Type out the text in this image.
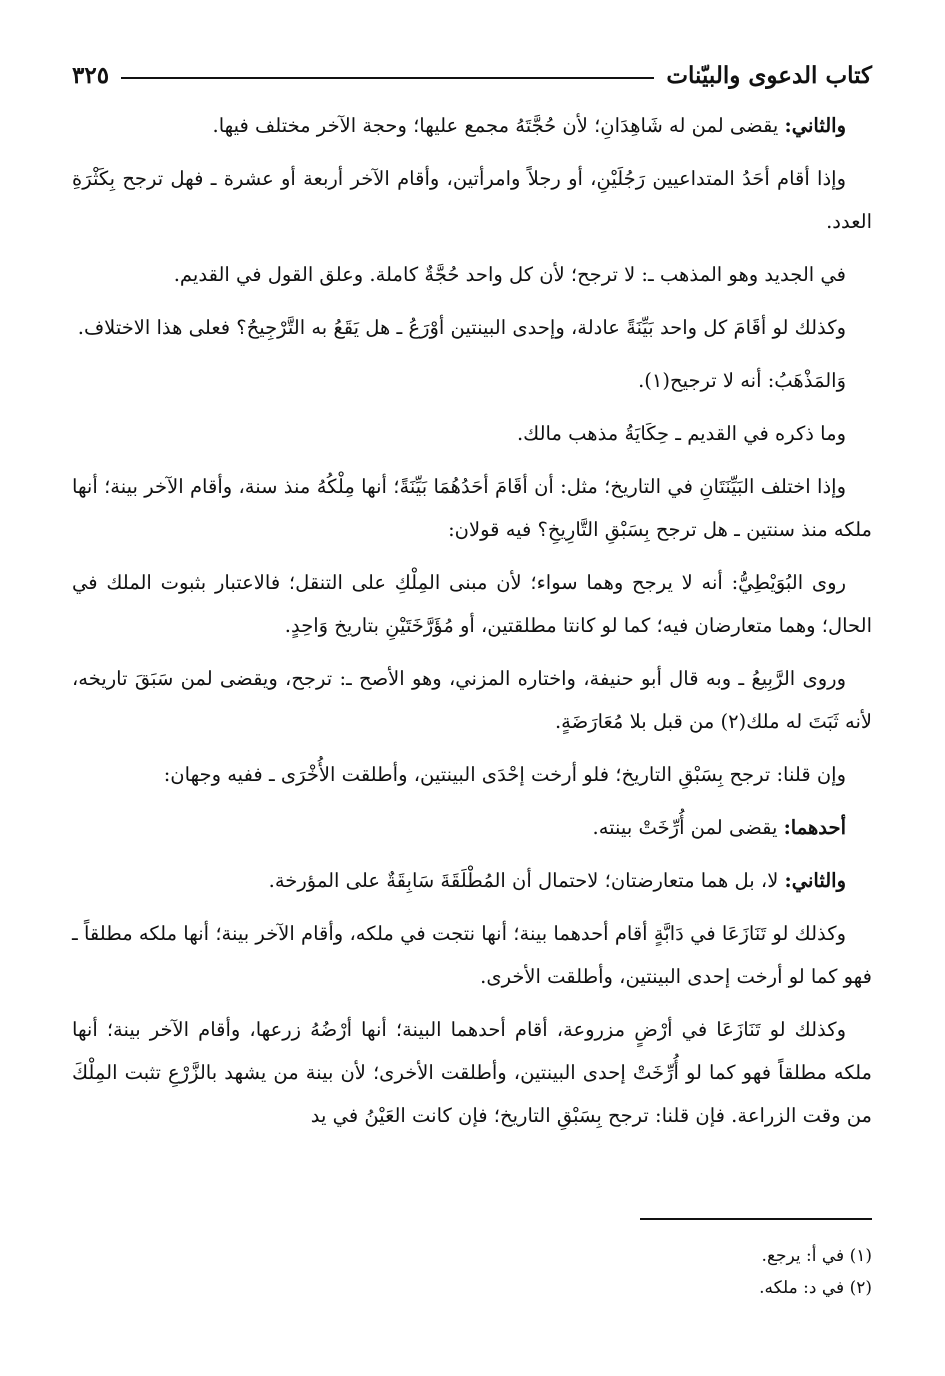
كتاب الدعوى والبيّنات
٣٢٥

والثاني: يقضى لمن له شَاهِدَانِ؛ لأن حُجَّتَهُ مجمع عليها؛ وحجة الآخر مختلف فيها.

وإذا أقام أحَدُ المتداعيين رَجُلَيْنِ، أو رجلاً وامرأتين، وأقام الآخر أربعة أو عشرة ـ فهل ترجح بِكَثْرَةِ العدد.

في الجديد وهو المذهب ـ: لا ترجح؛ لأن كل واحد حُجَّةٌ كاملة. وعلق القول في القديم.

وكذلك لو أقَامَ كل واحد بَيِّنَةً عادلة، وإحدى البينتين أوْرَعُ ـ هل يَقَعُ به التَّرْجِيحُ؟ فعلى هذا الاختلاف.

وَالمَذْهَبُ: أنه لا ترجيح(١).

وما ذكره في القديم ـ حِكَايَةُ مذهب مالك.

وإذا اختلف البَيِّنَتَانِ في التاريخ؛ مثل: أن أقَامَ أحَدُهُمَا بَيِّنَةً؛ أنها مِلْكُهُ منذ سنة، وأقام الآخر بينة؛ أنها ملكه منذ سنتين ـ هل ترجح بِسَبْقِ التَّارِيخِ؟ فيه قولان:

روى البُوَيْطِيُّ: أنه لا يرجح وهما سواء؛ لأن مبنى المِلْكِ على التنقل؛ فالاعتبار بثبوت الملك في الحال؛ وهما متعارضان فيه؛ كما لو كانتا مطلقتين، أو مُؤَرَّخَتَيْنِ بتاريخ وَاحِدٍ.

وروى الرَّبِيعُ ـ وبه قال أبو حنيفة، واختاره المزني، وهو الأصح ـ: ترجح، ويقضى لمن سَبَقَ تاريخه، لأنه ثَبَتَ له ملك(٢) من قبل بلا مُعَارَضَةٍ.

وإن قلنا: ترجح بِسَبْقِ التاريخ؛ فلو أرخت إحْدَى البينتين، وأطلقت الأُخْرَى ـ ففيه وجهان:

أحدهما: يقضى لمن أُرِّخَتْ بينته.

والثاني: لا، بل هما متعارضتان؛ لاحتمال أن المُطْلَقَةَ سَابِقَةٌ على المؤرخة.

وكذلك لو تَنَازَعَا في دَابَّةٍ أقام أحدهما بينة؛ أنها نتجت في ملكه، وأقام الآخر بينة؛ أنها ملكه مطلقاً ـ فهو كما لو أرخت إحدى البينتين، وأطلقت الأخرى.

وكذلك لو تَنَازَعَا في أرْضٍ مزروعة، أقام أحدهما البينة؛ أنها أرْضُهُ زرعها، وأقام الآخر بينة؛ أنها ملكه مطلقاً فهو كما لو أُرِّخَتْ إحدى البينتين، وأطلقت الأخرى؛ لأن بينة من يشهد بالزَّرْعِ تثبت المِلْكَ من وقت الزراعة. فإن قلنا: ترجح بِسَبْقِ التاريخ؛ فإن كانت العَيْنُ في يد

(١) في أ: يرجع.
(٢) في د: ملكه.
